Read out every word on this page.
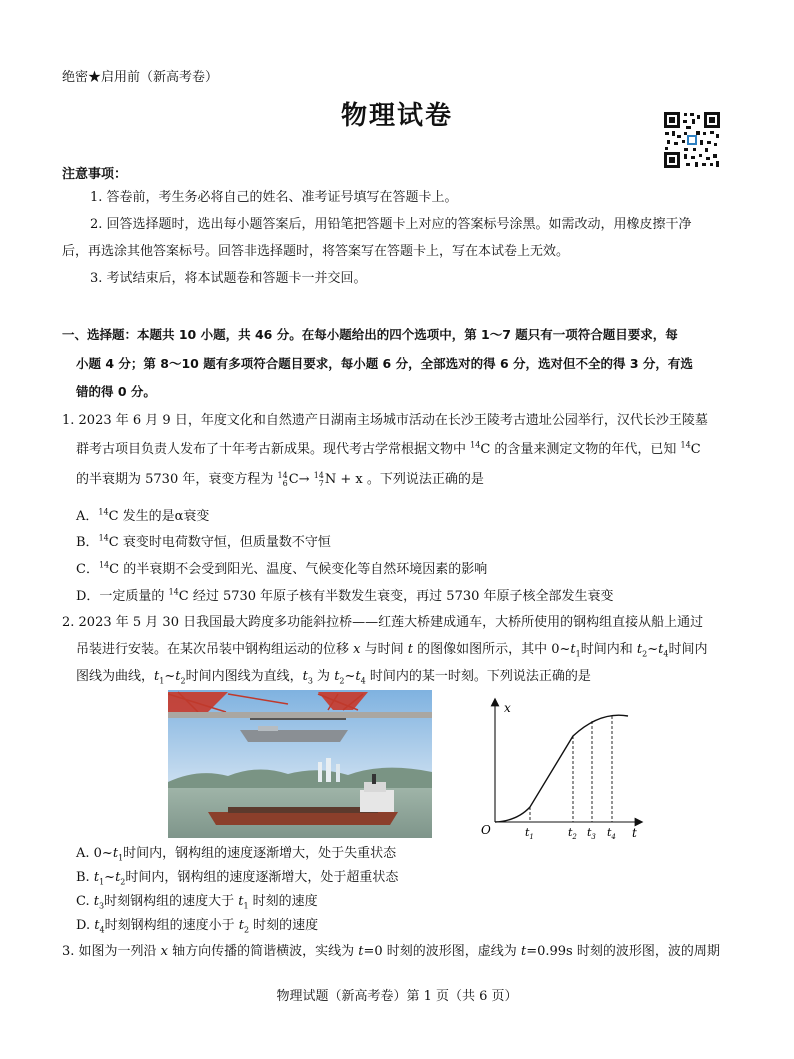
绝密★启用前（新高考卷）
物理试卷
注意事项：
1. 答卷前，考生务必将自己的姓名、准考证号填写在答题卡上。
2. 回答选择题时，选出每小题答案后，用铅笔把答题卡上对应的答案标号涂黑。如需改动，用橡皮擦干净
后，再选涂其他答案标号。回答非选择题时，将答案写在答题卡上，写在本试卷上无效。
3. 考试结束后，将本试题卷和答题卡一并交回。
一、选择题：本题共 10 小题，共 46 分。在每小题给出的四个选项中，第 1～7 题只有一项符合题目要求，每
小题 4 分；第 8～10 题有多项符合题目要求，每小题 6 分，全部选对的得 6 分，选对但不全的得 3 分，有选
错的得 0 分。
1. 2023 年 6 月 9 日，年度文化和自然遗产日湖南主场城市活动在长沙王陵考古遗址公园举行，汉代长沙王陵墓
群考古项目负责人发布了十年考古新成果。现代考古学常根据文物中 $^{14}$C 的含量来测定文物的年代，已知 $^{14}$C
的半衰期为 5730 年，衰变方程为 14
6C→ 14
7N + x 。下列说法正确的是
A．$^{14}$C 发生的是α衰变
B．$^{14}$C 衰变时电荷数守恒，但质量数不守恒
C．$^{14}$C 的半衰期不会受到阳光、温度、气候变化等自然环境因素的影响
D．一定质量的 $^{14}$C 经过 5730 年原子核有半数发生衰变，再过 5730 年原子核全部发生衰变
2. 2023 年 5 月 30 日我国最大跨度多功能斜拉桥——红莲大桥建成通车，大桥所使用的钢构组直接从船上通过
吊装进行安装。在某次吊装中钢构组运动的位移 x 与时间 t 的图像如图所示，其中 $0\sim t_1$时间内和 $t_2\sim t_4$时间内
图线为曲线，$t_1\sim t_2$时间内图线为直线，$t_3$ 为 $t_2\sim t_4$ 时间内的某一时刻。下列说法正确的是
x
t
O	$t_1$	$t_2$ $t_3$ $t_4$
A. $0\sim t_1$时间内，钢构组的速度逐渐增大，处于失重状态
B. $t_1\sim t_2$时间内，钢构组的速度逐渐增大，处于超重状态
C. $t_3$时刻钢构组的速度大于 $t_1$ 时刻的速度
D. $t_4$时刻钢构组的速度小于 $t_2$ 时刻的速度
3. 如图为一列沿 x 轴方向传播的简谐横波，实线为 t=0 时刻的波形图，虚线为 t=0.99s 时刻的波形图，波的周期
物理试题（新高考卷）第 1 页（共 6 页）
